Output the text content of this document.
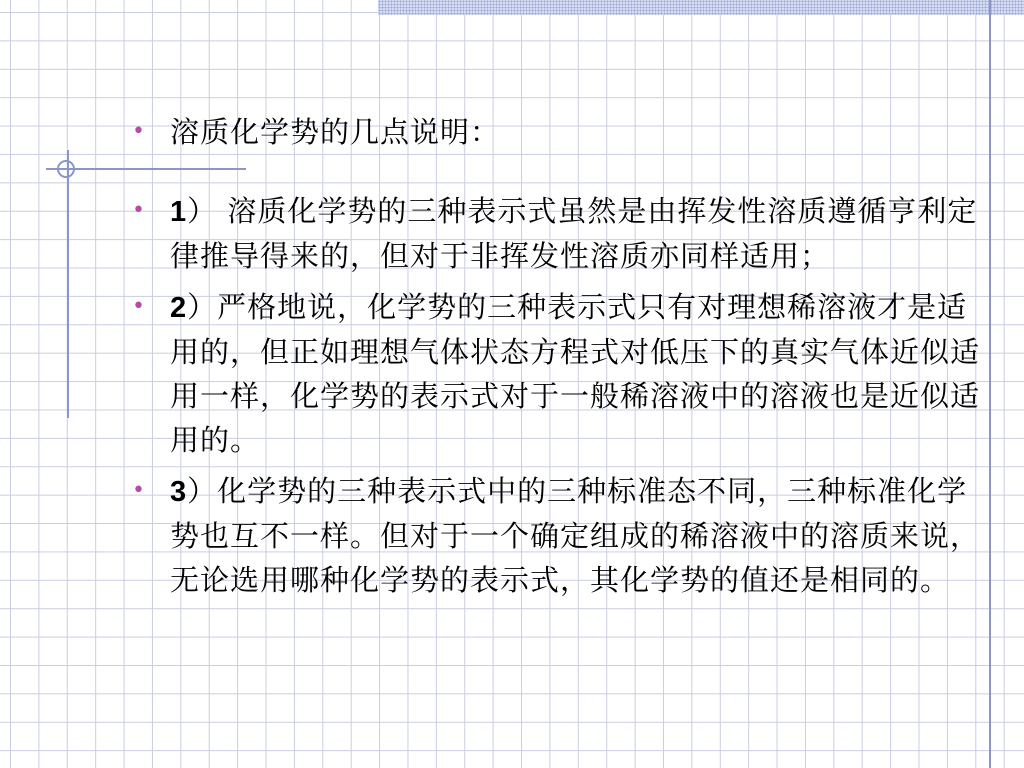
• 溶质化学势的几点说明：
• 1） 溶质化学势的三种表示式虽然是由挥发性溶质遵循亨利定律推导得来的，但对于非挥发性溶质亦同样适用；
• 2）严格地说，化学势的三种表示式只有对理想稀溶液才是适用的，但正如理想气体状态方程式对低压下的真实气体近似适用一样，化学势的表示式对于一般稀溶液中的溶液也是近似适用的。
• 3）化学势的三种表示式中的三种标准态不同，三种标准化学势也互不一样。但对于一个确定组成的稀溶液中的溶质来说，无论选用哪种化学势的表示式，其化学势的值还是相同的。
